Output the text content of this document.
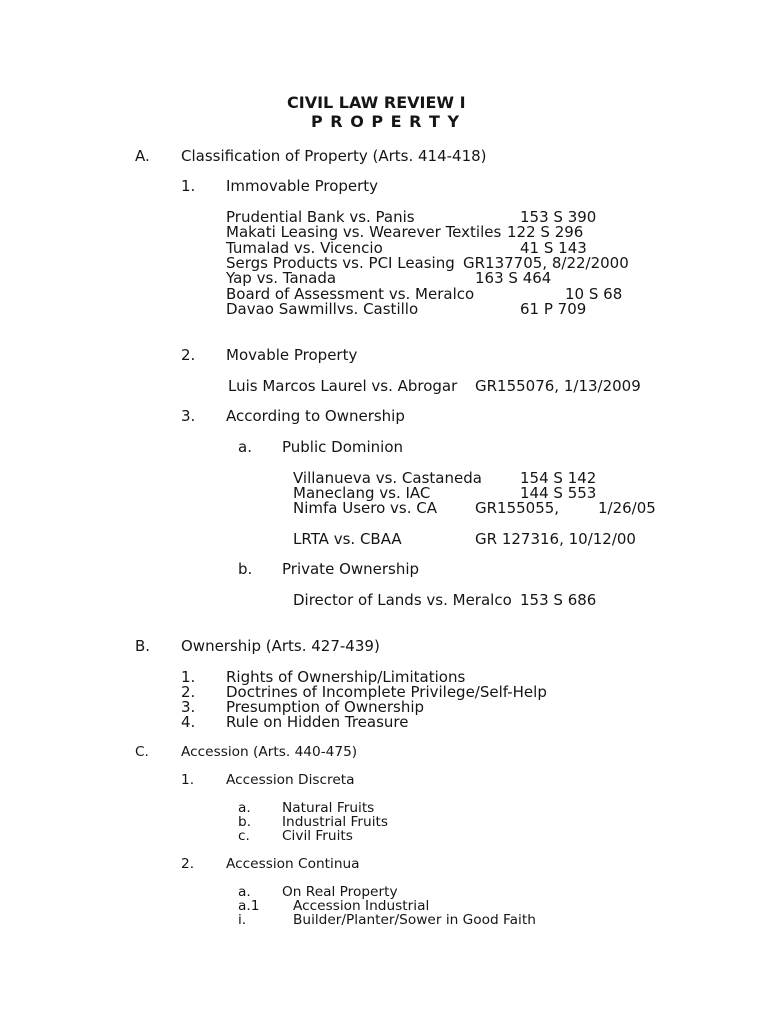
CIVIL LAW REVIEW I
P R O P E R T Y
A. Classification of Property (Arts. 414-418)
1. Immovable Property
Prudential Bank vs. Panis	153 S 390
Makati Leasing vs. Wearever Textiles 122 S 296
Tumalad vs. Vicencio	41 S 143
Sergs Products vs. PCI Leasing GR137705, 8/22/2000
Yap vs. Tanada	163 S 464
Board of Assessment vs. Meralco	10 S 68
Davao Sawmillvs. Castillo	61 P 709
2. Movable Property
Luis Marcos Laurel vs. Abrogar GR155076, 1/13/2009
3. According to Ownership
a. Public Dominion
Villanueva vs. Castaneda	154 S 142
Maneclang vs. IAC	144 S 553
Nimfa Usero vs. CA	GR155055,	1/26/05
LRTA vs. CBAA	GR 127316, 10/12/00
b. Private Ownership
Director of Lands vs. Meralco 153 S 686
B. Ownership (Arts. 427-439)
1. Rights of Ownership/Limitations
2. Doctrines of Incomplete Privilege/Self-Help
3. Presumption of Ownership
4. Rule on Hidden Treasure
C. Accession (Arts. 440-475)
1. Accession Discreta
a. Natural Fruits
b. Industrial Fruits
c. Civil Fruits
2. Accession Continua
a. On Real Property
a.1 Accession Industrial
i.	Builder/Planter/Sower in Good Faith
